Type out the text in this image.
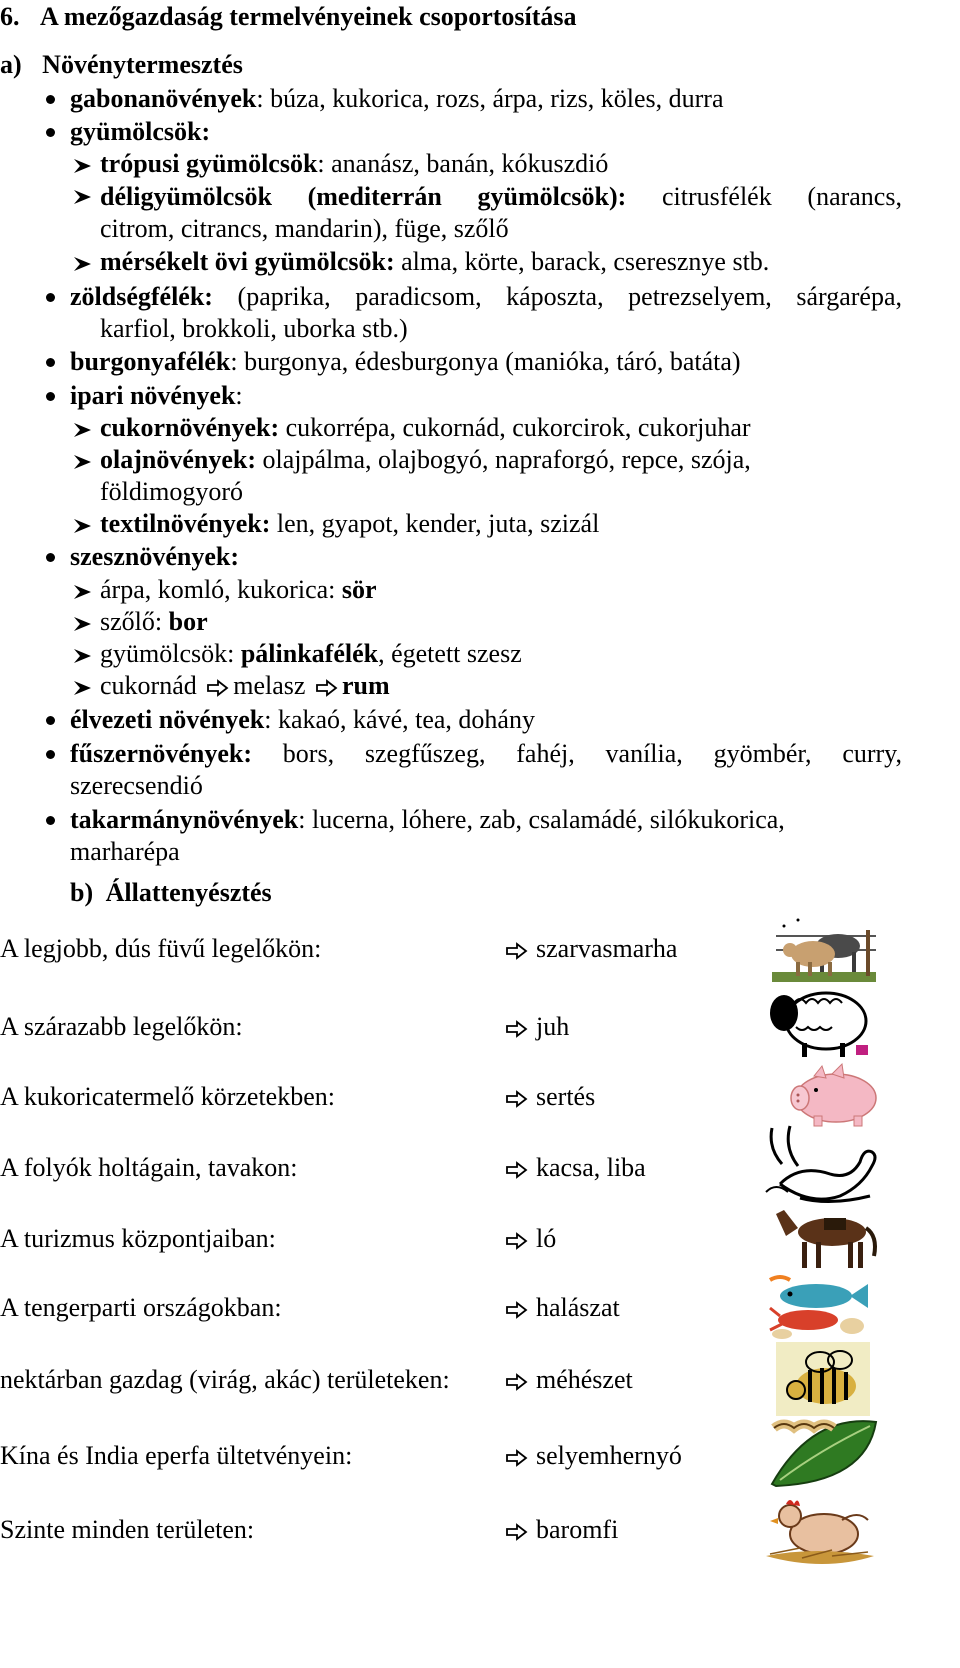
6. A mezőgazdaság termelvényeinek csoportosítása
a) Növénytermesztés
gabonanövények: búza, kukorica, rozs, árpa, rizs, köles, durra
gyümölcsök:
trópusi gyümölcsök: ananász, banán, kókuszdió
déligyümölcsök (mediterrán gyümölcsök): citrusfélék (narancs,
citrom, citrancs, mandarin), füge, szőlő
mérsékelt övi gyümölcsök: alma, körte, barack, cseresznye stb.
zöldségfélék: (paprika, paradicsom, káposzta, petrezselyem, sárgarépa,
karfiol, brokkoli, uborka stb.)
burgonyafélék: burgonya, édesburgonya (manióka, táró, batáta)
ipari növények:
cukornövények: cukorrépa, cukornád, cukorcirok, cukorjuhar
olajnövények: olajpálma, olajbogyó, napraforgó, repce, szója,
földimogyoró
textilnövények: len, gyapot, kender, juta, szizál
szesznövények:
árpa, komló, kukorica: sör
szőlő: bor
gyümölcsök: pálinkafélék, égetett szesz
cukornád melasz rum
élvezeti növények: kakaó, kávé, tea, dohány
fűszernövények: bors, szegfűszeg, fahéj, vanília, gyömbér, curry,
szerecsendió
takarmánynövények: lucerna, lóhere, zab, csalamádé, silókukorica,
marharépa
b) Állattenyésztés
A legjobb, dús füvű legelőkön:	szarvasmarha
A szárazabb legelőkön:	juh
A kukoricatermelő körzetekben:	sertés
A folyók holtágain, tavakon:	kacsa, liba
A turizmus központjaiban:	ló
A tengerparti országokban:	halászat
nektárban gazdag (virág, akác) területeken:	méhészet
Kína és India eperfa ültetvényein:	selyemhernyó
Szinte minden területen:	baromfi
